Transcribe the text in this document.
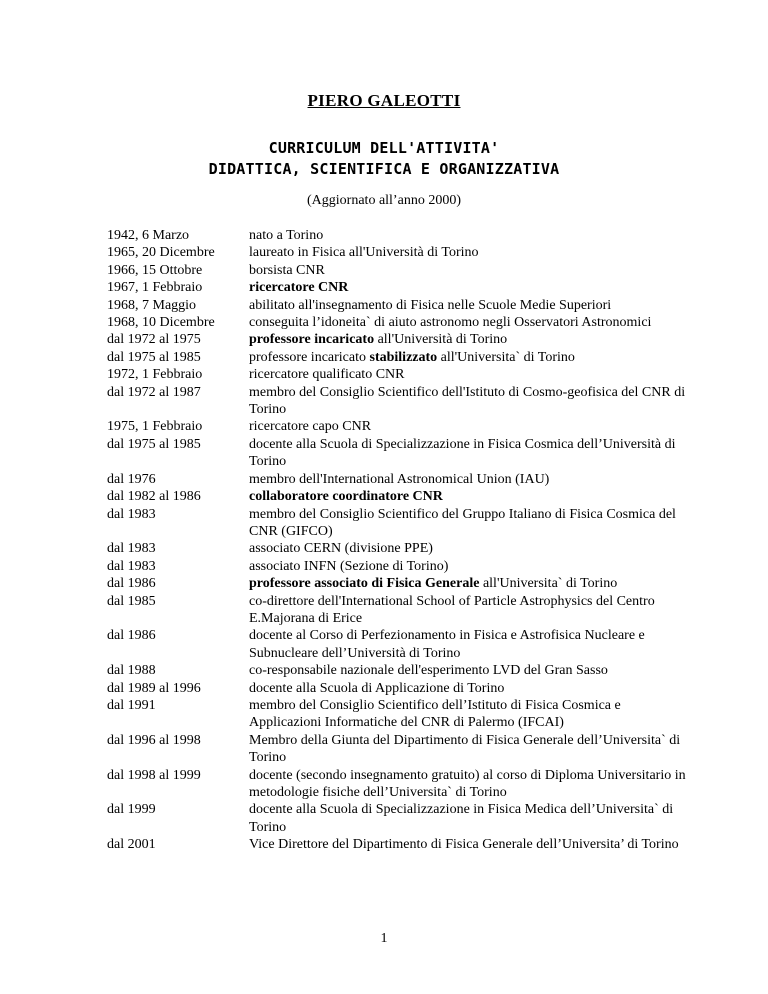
PIERO GALEOTTI
CURRICULUM DELL'ATTIVITA'
DIDATTICA, SCIENTIFICA E ORGANIZZATIVA
(Aggiornato all’anno 2000)
1942, 6 Marzo	nato a Torino
1965, 20 Dicembre	laureato in Fisica all'Università di Torino
1966, 15 Ottobre	borsista CNR
1967, 1 Febbraio	ricercatore CNR
1968, 7 Maggio	abilitato all'insegnamento di Fisica nelle Scuole Medie Superiori
1968, 10 Dicembre	conseguita l’idoneita` di aiuto astronomo negli Osservatori Astronomici
dal 1972 al 1975	professore incaricato all'Università di Torino
dal 1975 al 1985	professore incaricato stabilizzato all'Universita` di Torino
1972, 1 Febbraio	ricercatore qualificato CNR
dal 1972 al 1987	membro del Consiglio Scientifico dell'Istituto di Cosmo-geofisica del CNR di Torino
1975, 1 Febbraio	ricercatore capo CNR
dal 1975 al 1985	docente alla Scuola di Specializzazione in Fisica Cosmica dell’Università di Torino
dal 1976	membro dell'International Astronomical Union (IAU)
dal 1982 al 1986	collaboratore coordinatore CNR
dal 1983	membro del Consiglio Scientifico del Gruppo Italiano di Fisica Cosmica del CNR (GIFCO)
dal 1983	associato CERN (divisione PPE)
dal 1983	associato INFN (Sezione di Torino)
dal 1986	professore associato di Fisica Generale all'Universita` di Torino
dal 1985	co-direttore dell'International School of Particle Astrophysics del Centro E.Majorana di Erice
dal 1986	docente al Corso di Perfezionamento in Fisica e Astrofisica Nucleare e Subnucleare dell’Università di Torino
dal 1988	co-responsabile nazionale dell'esperimento LVD del Gran Sasso
dal 1989 al 1996	docente alla Scuola di Applicazione di Torino
dal 1991	membro del Consiglio Scientifico dell’Istituto di Fisica Cosmica e Applicazioni Informatiche del CNR di Palermo (IFCAI)
dal 1996 al 1998	Membro della Giunta del Dipartimento di Fisica Generale dell’Universita` di Torino
dal 1998 al 1999	docente (secondo insegnamento gratuito) al corso di Diploma Universitario in metodologie fisiche dell’Universita` di Torino
dal 1999	docente alla Scuola di Specializzazione in Fisica Medica dell’Universita` di Torino
dal 2001	Vice Direttore del Dipartimento di Fisica Generale dell’Universita’ di Torino
1
